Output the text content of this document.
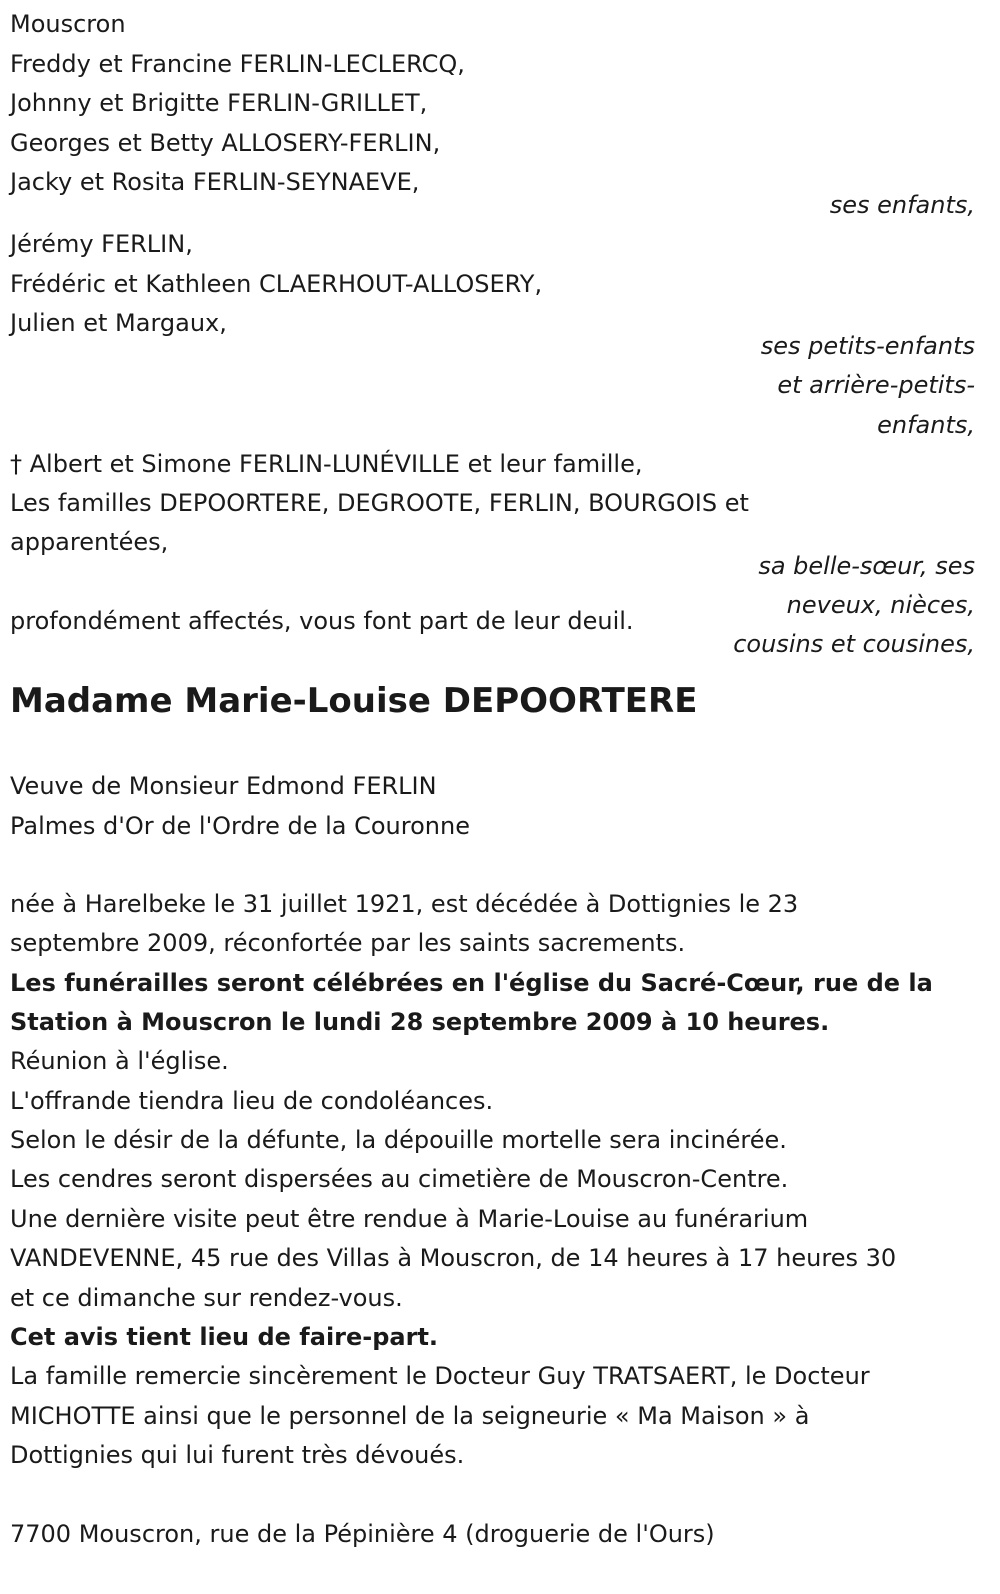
Mouscron
Freddy et Francine FERLIN-LECLERCQ,
Johnny et Brigitte FERLIN-GRILLET,
Georges et Betty ALLOSERY-FERLIN,
Jacky et Rosita FERLIN-SEYNAEVE,
ses enfants,
Jérémy FERLIN,
Frédéric et Kathleen CLAERHOUT-ALLOSERY,
Julien et Margaux,
ses petits-enfants
et arrière-petits-
enfants,
† Albert et Simone FERLIN-LUNÉVILLE et leur famille,
Les familles DEPOORTERE, DEGROOTE, FERLIN, BOURGOIS et
apparentées,
sa belle-sœur, ses
neveux, nièces,
cousins et cousines,
profondément affectés, vous font part de leur deuil.
Madame Marie-Louise DEPOORTERE
Veuve de Monsieur Edmond FERLIN
Palmes d'Or de l'Ordre de la Couronne
née à Harelbeke le 31 juillet 1921, est décédée à Dottignies le 23
septembre 2009, réconfortée par les saints sacrements.
Les funérailles seront célébrées en l'église du Sacré-Cœur, rue de la
Station à Mouscron le lundi 28 septembre 2009 à 10 heures.
Réunion à l'église.
L'offrande tiendra lieu de condoléances.
Selon le désir de la défunte, la dépouille mortelle sera incinérée.
Les cendres seront dispersées au cimetière de Mouscron-Centre.
Une dernière visite peut être rendue à Marie-Louise au funérarium
VANDEVENNE, 45 rue des Villas à Mouscron, de 14 heures à 17 heures 30
et ce dimanche sur rendez-vous.
Cet avis tient lieu de faire-part.
La famille remercie sincèrement le Docteur Guy TRATSAERT, le Docteur
MICHOTTE ainsi que le personnel de la seigneurie « Ma Maison » à
Dottignies qui lui furent très dévoués.
7700 Mouscron, rue de la Pépinière 4 (droguerie de l'Ours)
